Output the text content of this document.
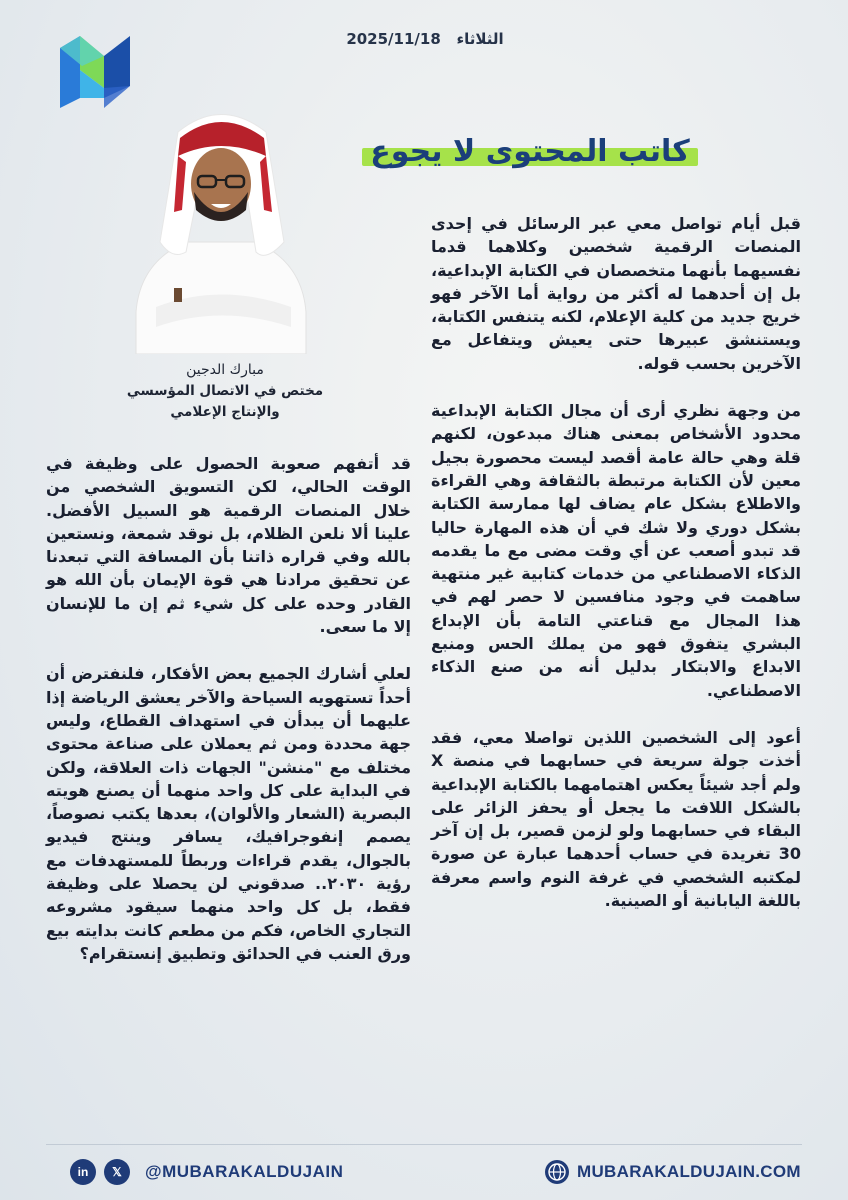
الثلاثاء   2025/11/18
كاتب المحتوى لا يجوع
مبارك الدجين
مختص في الاتصال المؤسسي
والإنتاج الإعلامي

قبل أيام تواصل معي عبر الرسائل في إحدى المنصات الرقمية شخصين وكلاهما قدما نفسيهما بأنهما متخصصان في الكتابة الإبداعية، بل إن أحدهما له أكثر من رواية أما الآخر فهو خريج جديد من كلية الإعلام، لكنه يتنفس الكتابة، ويستنشق عبيرها حتى يعيش ويتفاعل مع الآخرين بحسب قوله.

من وجهة نظري أرى أن مجال الكتابة الإبداعية محدود الأشخاص بمعنى هناك مبدعون، لكنهم قلة وهي حالة عامة أقصد ليست محصورة بجيل معين لأن الكتابة مرتبطة بالثقافة وهي القراءة والاطلاع بشكل عام يضاف لها ممارسة الكتابة بشكل دوري ولا شك في أن هذه المهارة حاليا قد تبدو أصعب عن أي وقت مضى مع ما يقدمه الذكاء الاصطناعي من خدمات كتابية غير منتهية ساهمت في وجود منافسين لا حصر لهم في هذا المجال مع قناعتي التامة بأن الإبداع البشري يتفوق فهو من يملك الحس ومنبع الابداع والابتكار بدليل أنه من صنع الذكاء الاصطناعي.

أعود إلى الشخصين اللذين تواصلا معي، فقد أخذت جولة سريعة في حسابهما في منصة X ولم أجد شيئاً يعكس اهتمامهما بالكتابة الإبداعية بالشكل اللافت ما يجعل أو يحفز الزائر على البقاء في حسابهما ولو لزمن قصير، بل إن آخر 30 تغريدة في حساب أحدهما عبارة عن صورة لمكتبه الشخصي في غرفة النوم واسم معرفة باللغة اليابانية أو الصينية.

قد أتفهم صعوبة الحصول على وظيفة في الوقت الحالي، لكن التسويق الشخصي من خلال المنصات الرقمية هو السبيل الأفضل. علينا ألا نلعن الظلام، بل نوقد شمعة، ونستعين بالله وفي قراره ذاتنا بأن المسافة التي تبعدنا عن تحقيق مرادنا هي قوة الإيمان بأن الله هو القادر وحده على كل شيء ثم إن ما للإنسان إلا ما سعى.

لعلي أشارك الجميع بعض الأفكار، فلنفترض أن أحداً تستهويه السياحة والآخر يعشق الرياضة إذا عليهما أن يبدأن في استهداف القطاع، وليس جهة محددة ومن ثم يعملان على صناعة محتوى مختلف مع "منشن" الجهات ذات العلاقة، ولكن في البداية على كل واحد منهما أن يصنع هويته البصرية (الشعار والألوان)، بعدها يكتب نصوصاً، يصمم إنفوجرافيك، يسافر وينتج فيديو بالجوال، يقدم قراءات وربطاً للمستهدفات مع رؤية ٢٠٣٠.. صدقوني لن يحصلا على وظيفة فقط، بل كل واحد منهما سيقود مشروعه التجاري الخاص، فكم من مطعم كانت بدايته بيع ورق العنب في الحدائق وتطبيق إنستقرام؟

in 𝕏 @MUBARAKALDUJAIN	MUBARAKALDUJAIN.COM
